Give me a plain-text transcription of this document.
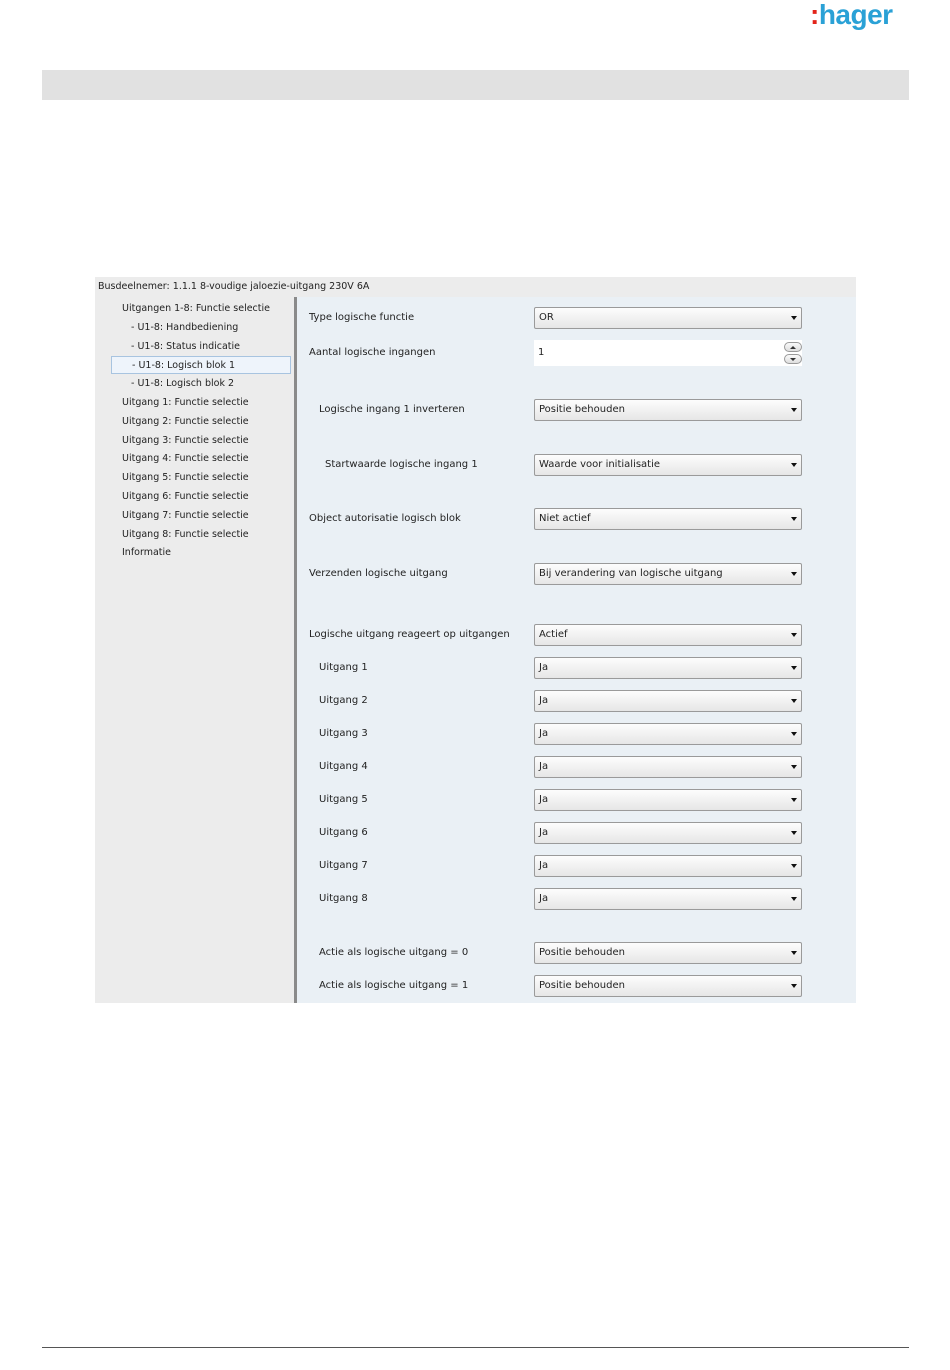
:hager
Busdeelnemer: 1.1.1 8-voudige jaloezie-uitgang 230V 6A
Uitgangen 1-8: Functie selectie
- U1-8: Handbediening
- U1-8: Status indicatie
- U1-8: Logisch blok 1
- U1-8: Logisch blok 2
Uitgang 1: Functie selectie
Uitgang 2: Functie selectie
Uitgang 3: Functie selectie
Uitgang 4: Functie selectie
Uitgang 5: Functie selectie
Uitgang 6: Functie selectie
Uitgang 7: Functie selectie
Uitgang 8: Functie selectie
Informatie
Type logische functie	OR
Aantal logische ingangen	1
Logische ingang 1 inverteren	Positie behouden
Startwaarde logische ingang 1	Waarde voor initialisatie
Object autorisatie logisch blok	Niet actief
Verzenden logische uitgang	Bij verandering van logische uitgang
Logische uitgang reageert op uitgangen	Actief
Uitgang 1	Ja
Uitgang 2	Ja
Uitgang 3	Ja
Uitgang 4	Ja
Uitgang 5	Ja
Uitgang 6	Ja
Uitgang 7	Ja
Uitgang 8	Ja
Actie als logische uitgang = 0	Positie behouden
Actie als logische uitgang = 1	Positie behouden
